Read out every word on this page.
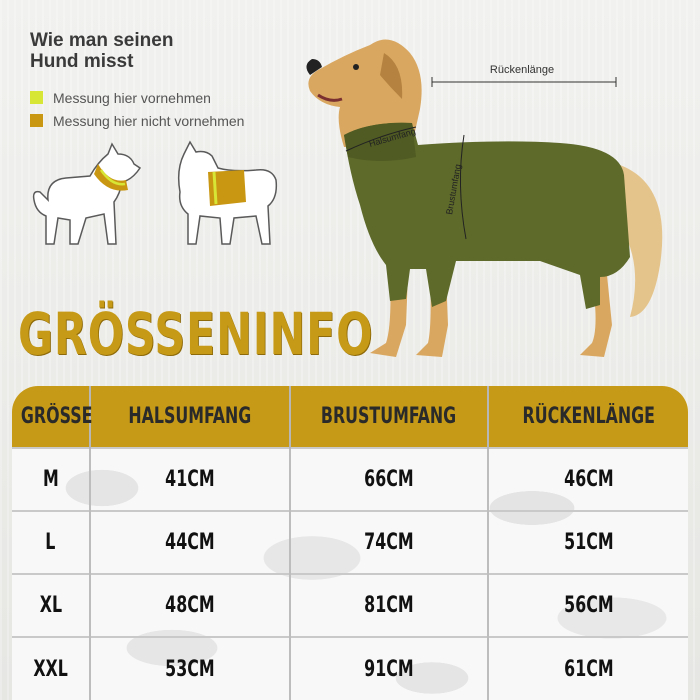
Wie man seinen
Hund misst
Messung hier vornehmen
Messung hier nicht vornehmen
Halsumfang
Brustumfang
Rückenlänge
GRÖSSENINFO
GRÖSSE	HALSUMFANG	BRUSTUMFANG	RÜCKENLÄNGE
M	41CM	66CM	46CM
L	44CM	74CM	51CM
XL	48CM	81CM	56CM
XXL	53CM	91CM	61CM
